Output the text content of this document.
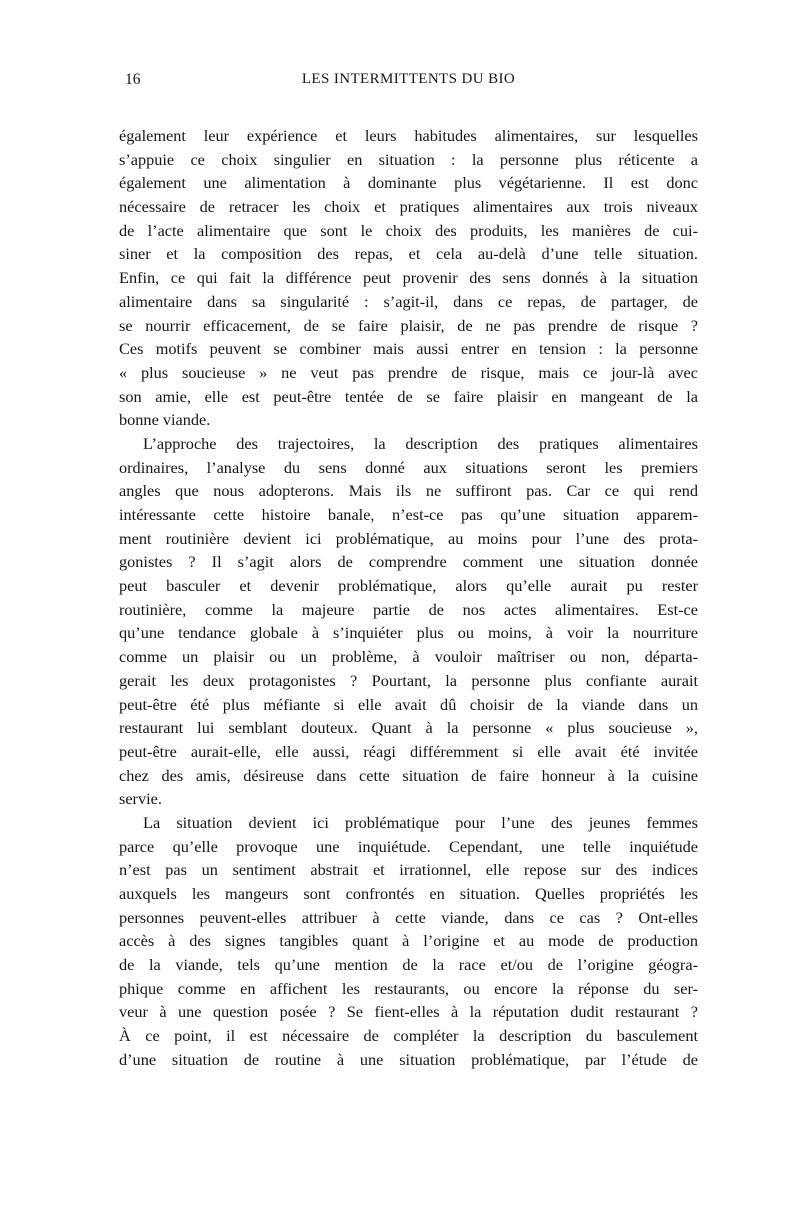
16	LES INTERMITTENTS DU BIO
également leur expérience et leurs habitudes alimentaires, sur lesquelles
s’appuie ce choix singulier en situation : la personne plus réticente a
également une alimentation à dominante plus végétarienne. Il est donc
nécessaire de retracer les choix et pratiques alimentaires aux trois niveaux
de l’acte alimentaire que sont le choix des produits, les manières de cui-
siner et la composition des repas, et cela au-delà d’une telle situation.
Enfin, ce qui fait la différence peut provenir des sens donnés à la situation
alimentaire dans sa singularité : s’agit-il, dans ce repas, de partager, de
se nourrir efficacement, de se faire plaisir, de ne pas prendre de risque ?
Ces motifs peuvent se combiner mais aussi entrer en tension : la personne
« plus soucieuse » ne veut pas prendre de risque, mais ce jour-là avec
son amie, elle est peut-être tentée de se faire plaisir en mangeant de la
bonne viande.
L’approche des trajectoires, la description des pratiques alimentaires
ordinaires, l’analyse du sens donné aux situations seront les premiers
angles que nous adopterons. Mais ils ne suffiront pas. Car ce qui rend
intéressante cette histoire banale, n’est-ce pas qu’une situation apparem-
ment routinière devient ici problématique, au moins pour l’une des prota-
gonistes ? Il s’agit alors de comprendre comment une situation donnée
peut basculer et devenir problématique, alors qu’elle aurait pu rester
routinière, comme la majeure partie de nos actes alimentaires. Est-ce
qu’une tendance globale à s’inquiéter plus ou moins, à voir la nourriture
comme un plaisir ou un problème, à vouloir maîtriser ou non, départa-
gerait les deux protagonistes ? Pourtant, la personne plus confiante aurait
peut-être été plus méfiante si elle avait dû choisir de la viande dans un
restaurant lui semblant douteux. Quant à la personne « plus soucieuse »,
peut-être aurait-elle, elle aussi, réagi différemment si elle avait été invitée
chez des amis, désireuse dans cette situation de faire honneur à la cuisine
servie.
La situation devient ici problématique pour l’une des jeunes femmes
parce qu’elle provoque une inquiétude. Cependant, une telle inquiétude
n’est pas un sentiment abstrait et irrationnel, elle repose sur des indices
auxquels les mangeurs sont confrontés en situation. Quelles propriétés les
personnes peuvent-elles attribuer à cette viande, dans ce cas ? Ont-elles
accès à des signes tangibles quant à l’origine et au mode de production
de la viande, tels qu’une mention de la race et/ou de l’origine géogra-
phique comme en affichent les restaurants, ou encore la réponse du ser-
veur à une question posée ? Se fient-elles à la réputation dudit restaurant ?
À ce point, il est nécessaire de compléter la description du basculement
d’une situation de routine à une situation problématique, par l’étude de
